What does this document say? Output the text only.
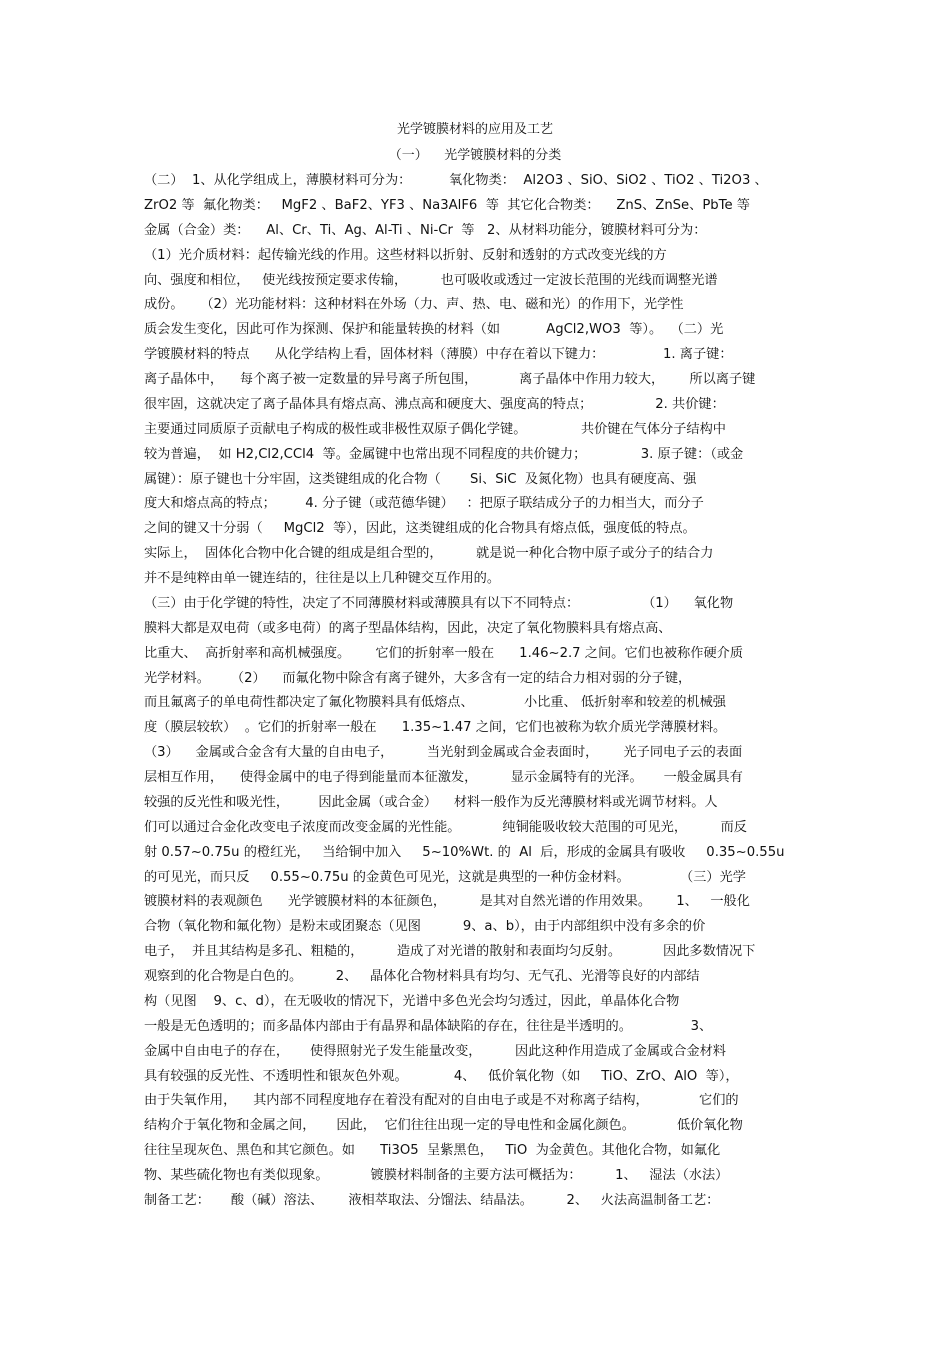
光学镀膜材料的应用及工艺
（一）    光学镀膜材料的分类
（二）  1、从化学组成上，薄膜材料可分为：         氧化物类：  Al2O3 、SiO、SiO2 、TiO2 、Ti2O3 、
ZrO2 等  氟化物类：   MgF2 、BaF2、YF3 、Na3AlF6  等  其它化合物类：    ZnS、ZnSe、PbTe 等
金属（合金）类：    Al、Cr、Ti、Ag、Al-Ti 、Ni-Cr  等   2、从材料功能分，镀膜材料可分为：
（1）光介质材料：起传输光线的作用。这些材料以折射、反射和透射的方式改变光线的方
向、强度和相位，   使光线按预定要求传输，        也可吸收或透过一定波长范围的光线而调整光谱
成份。    （2）光功能材料：这种材料在外场（力、声、热、电、磁和光）的作用下，光学性
质会发生变化，因此可作为探测、保护和能量转换的材料（如           AgCl2,WO3  等）。  （二）光
学镀膜材料的特点      从化学结构上看，固体材料（薄膜）中存在着以下键力：              1. 离子键：
离子晶体中，    每个离子被一定数量的异号离子所包围，          离子晶体中作用力较大，      所以离子键
很牢固，这就决定了离子晶体具有熔点高、沸点高和硬度大、强度高的特点；               2. 共价键：
主要通过同质原子贡献电子构成的极性或非极性双原子偶化学键。             共价键在气体分子结构中
较为普遍，  如 H2,Cl2,CCl4  等。金属键中也常出现不同程度的共价键力；             3. 原子键：（或金
属键）：原子键也十分牢固，这类键组成的化合物（       Si、SiC  及氮化物）也具有硬度高、强
度大和熔点高的特点；       4. 分子键（或范德华键）   ：把原子联结成分子的力相当大，而分子
之间的键又十分弱（     MgCl2  等），因此，这类键组成的化合物具有熔点低，强度低的特点。
实际上，  固体化合物中化合键的组成是组合型的，        就是说一种化合物中原子或分子的结合力
并不是纯粹由单一键连结的，往往是以上几种键交互作用的。
（三）由于化学键的特性，决定了不同薄膜材料或薄膜具有以下不同特点：               （1）    氧化物
膜料大都是双电荷（或多电荷）的离子型晶体结构，因此，决定了氧化物膜料具有熔点高、
比重大、  高折射率和高机械强度。      它们的折射率一般在      1.46~2.7 之间。它们也被称作硬介质
光学材料。     （2）    而氟化物中除含有离子键外，大多含有一定的结合力相对弱的分子键，
而且氟离子的单电荷性都决定了氟化物膜料具有低熔点、            小比重、 低折射率和较差的机械强
度（膜层较软）  。它们的折射率一般在      1.35~1.47 之间，它们也被称为软介质光学薄膜材料。
（3）    金属或合金含有大量的自由电子，        当光射到金属或合金表面时，      光子同电子云的表面
层相互作用，    使得金属中的电子得到能量而本征激发，        显示金属特有的光泽。     一般金属具有
较强的反光性和吸光性，       因此金属（或合金）    材料一般作为反光薄膜材料或光调节材料。人
们可以通过合金化改变电子浓度而改变金属的光性能。          纯铜能吸收较大范围的可见光，        而反
射 0.57~0.75u 的橙红光，   当给铜中加入     5~10%Wt. 的  Al  后，形成的金属具有吸收     0.35~0.55u
的可见光，而只反     0.55~0.75u 的金黄色可见光，这就是典型的一种仿金材料。            （三）光学
镀膜材料的表观颜色      光学镀膜材料的本征颜色，        是其对自然光谱的作用效果。      1、   一般化
合物（氧化物和氟化物）是粉末或团聚态（见图          9、a、b），由于内部组织中没有多余的价
电子，  并且其结构是多孔、粗糙的，        造成了对光谱的散射和表面均匀反射。          因此多数情况下
观察到的化合物是白色的。        2、   晶体化合物材料具有均匀、无气孔、光滑等良好的内部结
构（见图    9、c、d），在无吸收的情况下，光谱中多色光会均匀透过，因此，单晶体化合物
一般是无色透明的；而多晶体内部由于有晶界和晶体缺陷的存在，往往是半透明的。              3、
金属中自由电子的存在，     使得照射光子发生能量改变，        因此这种作用造成了金属或合金材料
具有较强的反光性、不透明性和银灰色外观。           4、   低价氧化物（如     TiO、ZrO、AlO  等），
由于失氧作用，    其内部不同程度地存在着没有配对的自由电子或是不对称离子结构，            它们的
结构介于氧化物和金属之间，     因此，  它们往往出现一定的导电性和金属化颜色。          低价氧化物
往往呈现灰色、黑色和其它颜色。如      Ti3O5  呈紫黑色，   TiO  为金黄色。其他化合物，如氟化
物、某些硫化物也有类似现象。          镀膜材料制备的主要方法可概括为：        1、   湿法（水法）
制备工艺：     酸（碱）溶法、      液相萃取法、分馏法、结晶法。        2、   火法高温制备工艺：
